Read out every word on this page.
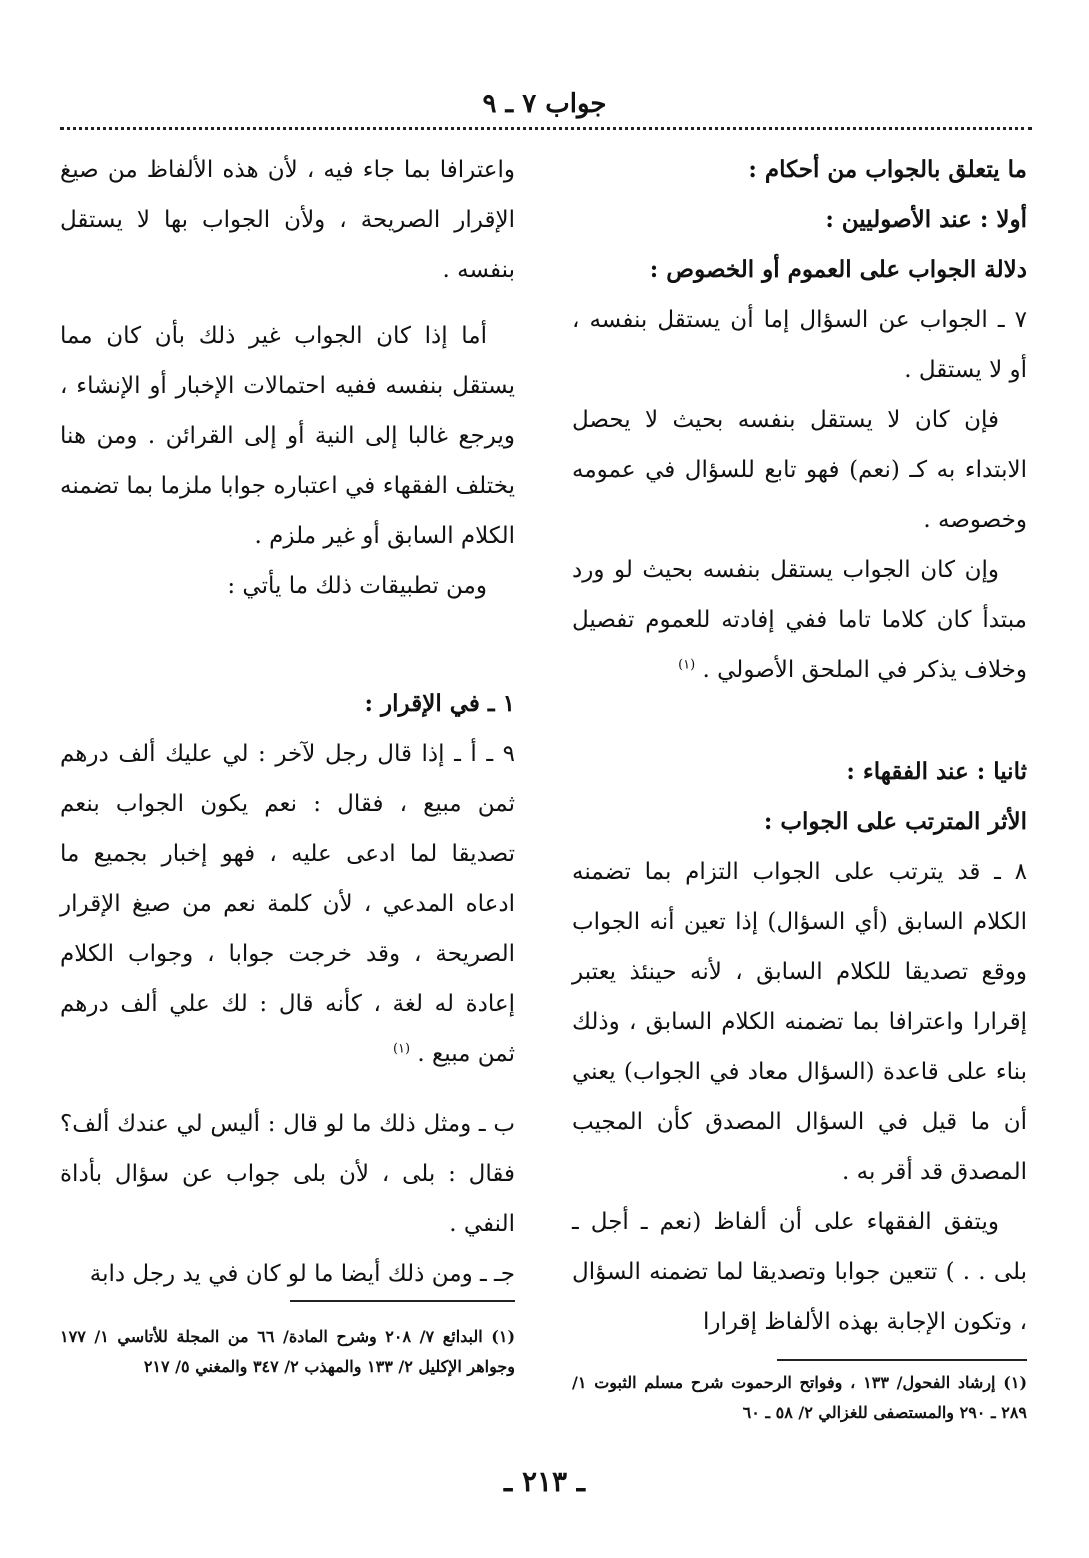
جواب ٧ ـ ٩

ما يتعلق بالجواب من أحكام :

أولا : عند الأصوليين :

دلالة الجواب على العموم أو الخصوص :

٧ ـ الجواب عن السؤال إما أن يستقل بنفسه ، أو لا يستقل .

فإن كان لا يستقل بنفسه بحيث لا يحصل الابتداء به كـ (نعم) فهو تابع للسؤال في عمومه وخصوصه .

وإن كان الجواب يستقل بنفسه بحيث لو ورد مبتدأ كان كلاما تاما ففي إفادته للعموم تفصيل وخلاف يذكر في الملحق الأصولي . $^{(١)}$

ثانيا : عند الفقهاء :

الأثر المترتب على الجواب :

٨ ـ قد يترتب على الجواب التزام بما تضمنه الكلام السابق (أي السؤال) إذا تعين أنه الجواب ووقع تصديقا للكلام السابق ، لأنه حينئذ يعتبر إقرارا واعترافا بما تضمنه الكلام السابق ، وذلك بناء على قاعدة (السؤال معاد في الجواب) يعني أن ما قيل في السؤال المصدق كأن المجيب المصدق قد أقر به .

ويتفق الفقهاء على أن ألفاظ (نعم ـ أجل ـ بلى . . ) تتعين جوابا وتصديقا لما تضمنه السؤال ، وتكون الإجابة بهذه الألفاظ إقرارا

واعترافا بما جاء فيه ، لأن هذه الألفاظ من صيغ الإقرار الصريحة ، ولأن الجواب بها لا يستقل بنفسه .

أما إذا كان الجواب غير ذلك بأن كان مما يستقل بنفسه ففيه احتمالات الإخبار أو الإنشاء ، ويرجع غالبا إلى النية أو إلى القرائن . ومن هنا يختلف الفقهاء في اعتباره جوابا ملزما بما تضمنه الكلام السابق أو غير ملزم .

ومن تطبيقات ذلك ما يأتي :

١ ـ في الإقرار :

٩ ـ أ ـ إذا قال رجل لآخر : لي عليك ألف درهم ثمن مبيع ، فقال : نعم يكون الجواب بنعم تصديقا لما ادعى عليه ، فهو إخبار بجميع ما ادعاه المدعي ، لأن كلمة نعم من صيغ الإقرار الصريحة ، وقد خرجت جوابا ، وجواب الكلام إعادة له لغة ، كأنه قال : لك علي ألف درهم ثمن مبيع . $^{(١)}$

ب ـ ومثل ذلك ما لو قال : أليس لي عندك ألف؟ فقال : بلى ، لأن بلى جواب عن سؤال بأداة النفي .

جـ ـ ومن ذلك أيضا ما لو كان في يد رجل دابة

(١) البدائع ٧/ ٢٠٨ وشرح المادة/ ٦٦ من المجلة للأتاسي ١/ ١٧٧ وجواهر الإكليل ٢/ ١٣٣ والمهذب ٢/ ٣٤٧ والمغني ٥/ ٢١٧

(١) إرشاد الفحول/ ١٣٣ ، وفواتح الرحموت شرح مسلم الثبوت ١/ ٢٨٩ ـ ٢٩٠ والمستصفى للغزالي ٢/ ٥٨ ـ ٦٠

ـ ٢١٣ ـ
